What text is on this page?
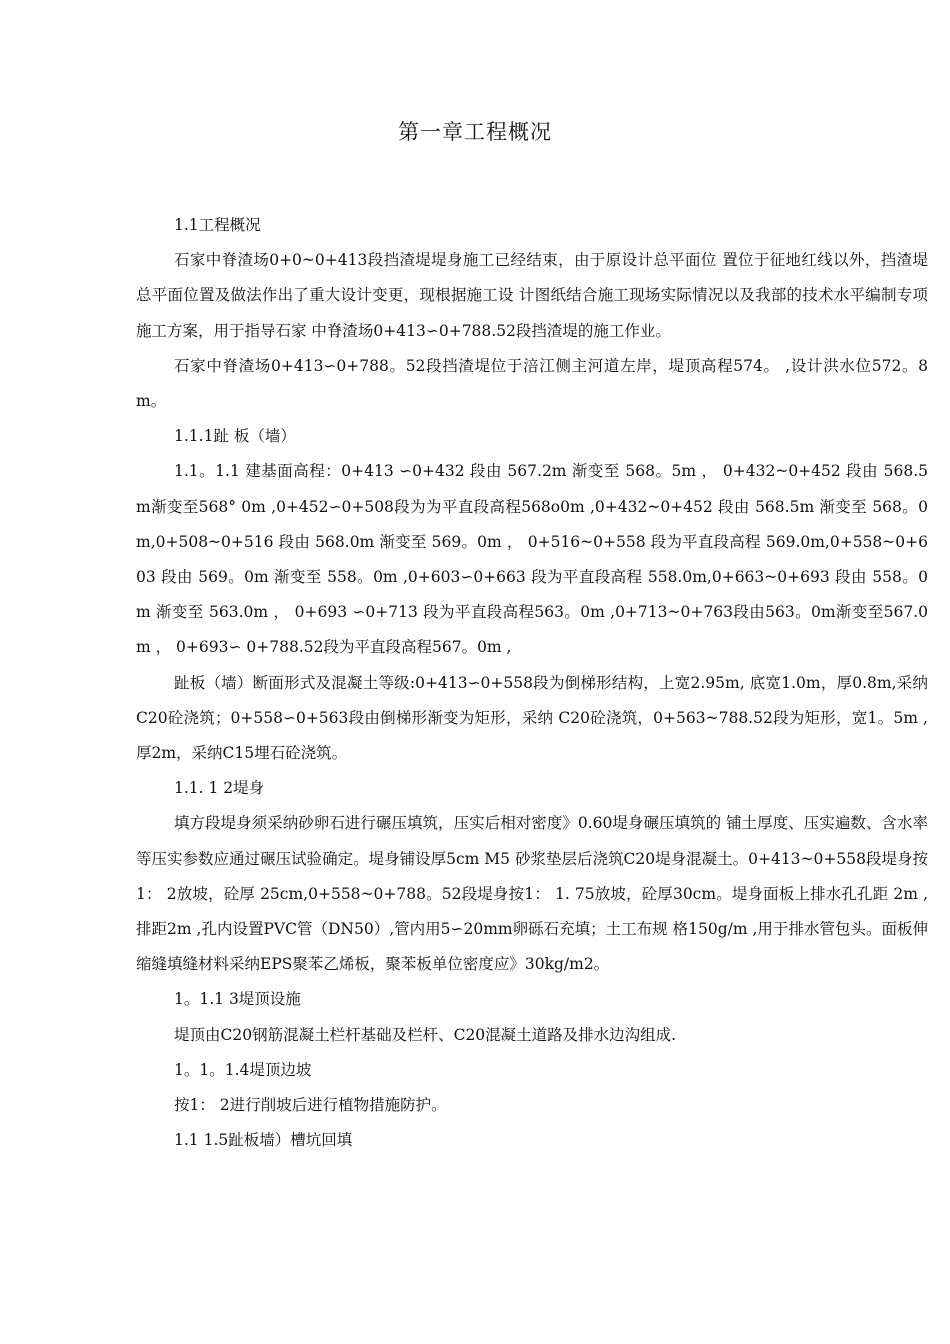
第一章工程概况

1.1工程概况

石家中脊渣场0+0~0+413段挡渣堤堤身施工已经结束，由于原设计总平面位 置位于征地红线以外，挡渣堤总平面位置及做法作出了重大设计变更，现根据施工设 计图纸结合施工现场实际情况以及我部的技术水平编制专项施工方案，用于指导石家 中脊渣场0+413∽0+788.52段挡渣堤的施工作业。

石家中脊渣场0+413∽0+788。52段挡渣堤位于涪江侧主河道左岸，堤顶高程574。 ,设计洪水位572。8m。

1.1.1趾 板（墙）

1.1。1.1 建基面高程：0+413 ∽0+432 段由 567.2m 渐变至 568。5m ， 0+432~0+452 段由 568.5m渐变至568° 0m ,0+452∽0+508段为为平直段高程568o0m ,0+432~0+452 段由 568.5m 渐变至 568。0m,0+508~0+516 段由 568.0m 渐变至 569。0m ， 0+516~0+558 段为平直段高程 569.0m,0+558~0+603 段由 569。0m 渐变至 558。0m ,0+603∽0+663 段为平直段高程 558.0m,0+663~0+693 段由 558。0m 渐变至 563.0m ， 0+693 ∽0+713 段为平直段高程563。0m ,0+713~0+763段由563。0m渐变至567.0m ， 0+693∽ 0+788.52段为平直段高程567。0m ,

趾板（墙）断面形式及混凝土等级:0+413∽0+558段为倒梯形结构，上宽2.95m, 底宽1.0m，厚0.8m,采纳C20砼浇筑；0+558∽0+563段由倒梯形渐变为矩形，采纳 C20砼浇筑，0+563~788.52段为矩形，宽1。5m ,厚2m，采纳C15埋石砼浇筑。

1.1. 1 2堤身

填方段堤身须采纳砂卵石进行碾压填筑，压实后相对密度》0.60堤身碾压填筑的 铺土厚度、压实遍数、含水率等压实参数应通过碾压试验确定。堤身铺设厚5cm M5 砂浆垫层后浇筑C20堤身混凝土。0+413~0+558段堤身按1： 2放坡，砼厚 25cm,0+558~0+788。52段堤身按1： 1. 75放坡，砼厚30cm。堤身面板上排水孔孔距 2m ,排距2m ,孔内设置PVC管（DN50）,管内用5∽20mm卵砾石充填；土工布规 格150g/m ,用于排水管包头。面板伸缩缝填缝材料采纳EPS聚苯乙烯板，聚苯板单位密度应》30kg/m2。

1。1.1 3堤顶设施

堤顶由C20钢筋混凝土栏杆基础及栏杆、C20混凝土道路及排水边沟组成.

1。1。1.4堤顶边坡

按1： 2进行削坡后进行植物措施防护。

1.1 1.5趾板墙）槽坑回填
